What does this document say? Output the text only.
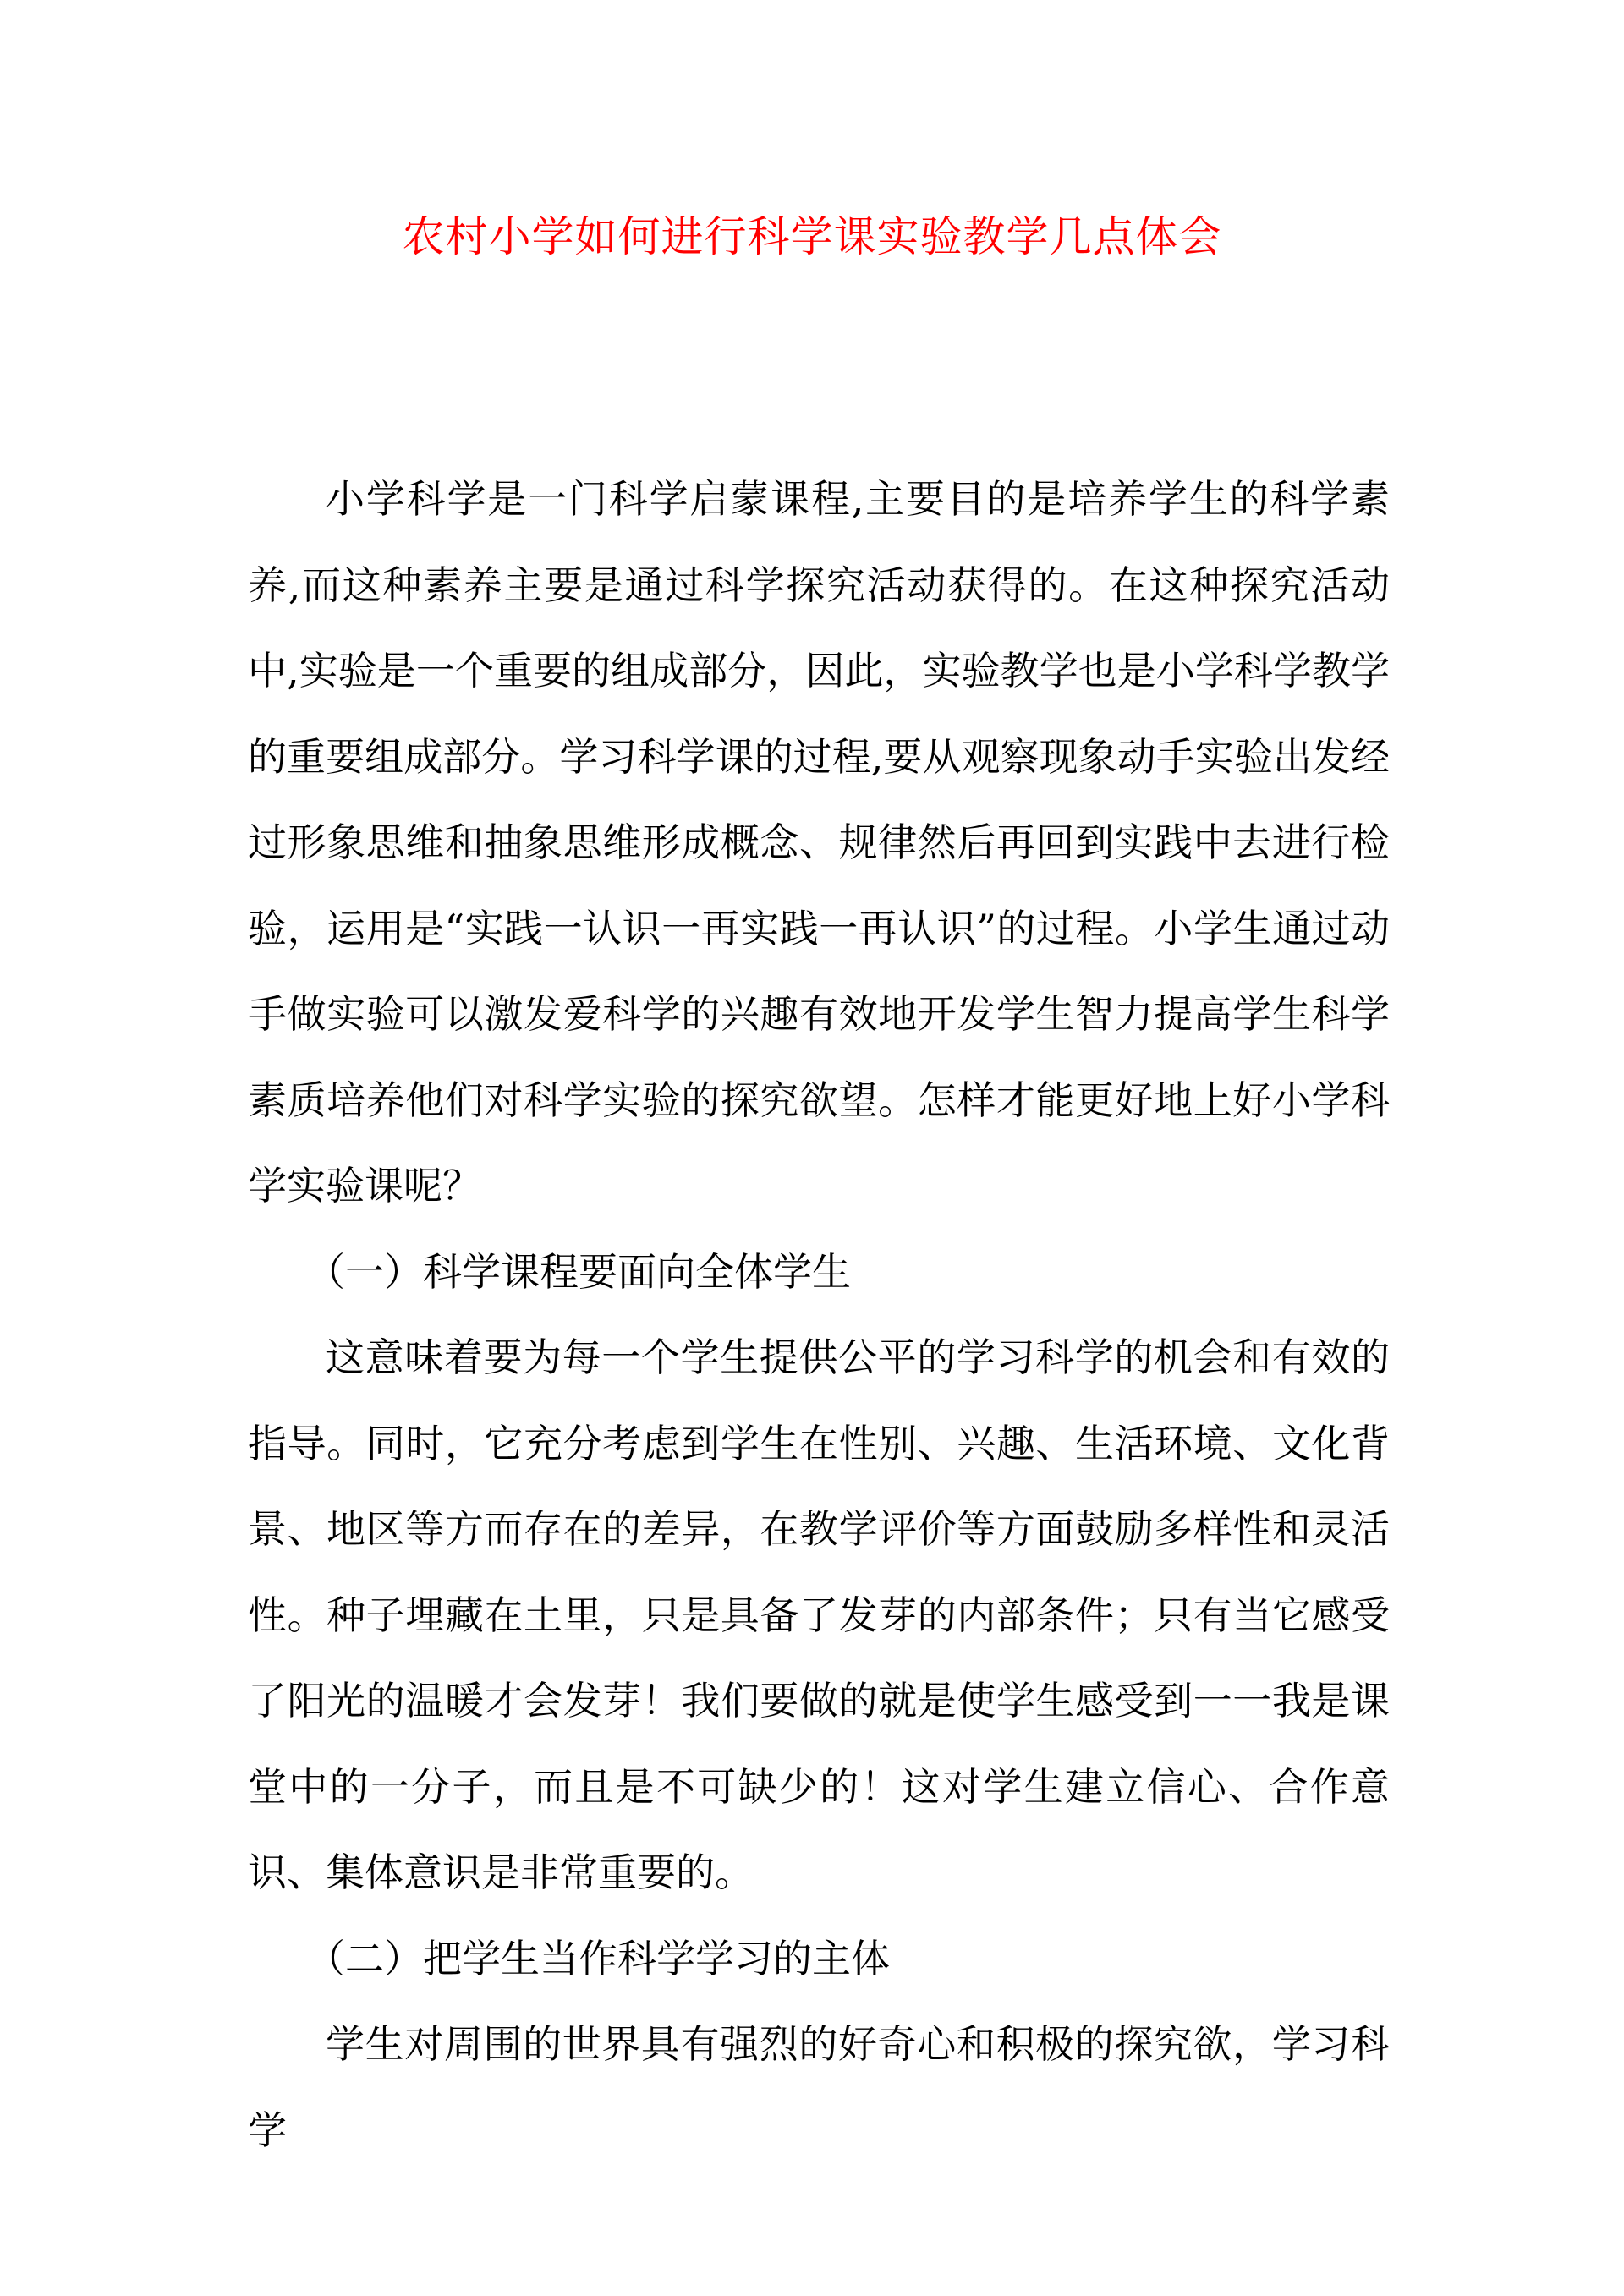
农村小学如何进行科学课实验教学几点体会

小学科学是一门科学启蒙课程,主要目的是培养学生的科学素养,而这种素养主要是通过科学探究活动获得的。在这种探究活动中,实验是一个重要的组成部分，因此，实验教学也是小学科学教学的重要组成部分。学习科学课的过程,要从观察现象动手实验出发经过形象思维和抽象思维形成概念、规律然后再回到实践中去进行检验，运用是“实践一认识一再实践一再认识”的过程。小学生通过动手做实验可以激发爱科学的兴趣有效地开发学生智力提高学生科学素质培养他们对科学实验的探究欲望。怎样才能更好地上好小学科学实验课呢？

（一）科学课程要面向全体学生

这意味着要为每一个学生提供公平的学习科学的机会和有效的指导。同时，它充分考虑到学生在性别、兴趣、生活环境、文化背景、地区等方而存在的差异，在教学评价等方面鼓励多样性和灵活性。种子埋藏在土里，只是具备了发芽的内部条件；只有当它感受了阳光的温暖才会发芽！我们要做的就是使学生感受到一一我是课堂中的一分子，而且是不可缺少的！这对学生建立信心、合作意识、集体意识是非常重要的。

（二）把学生当作科学学习的主体

学生对周围的世界具有强烈的好奇心和积极的探究欲，学习科学
